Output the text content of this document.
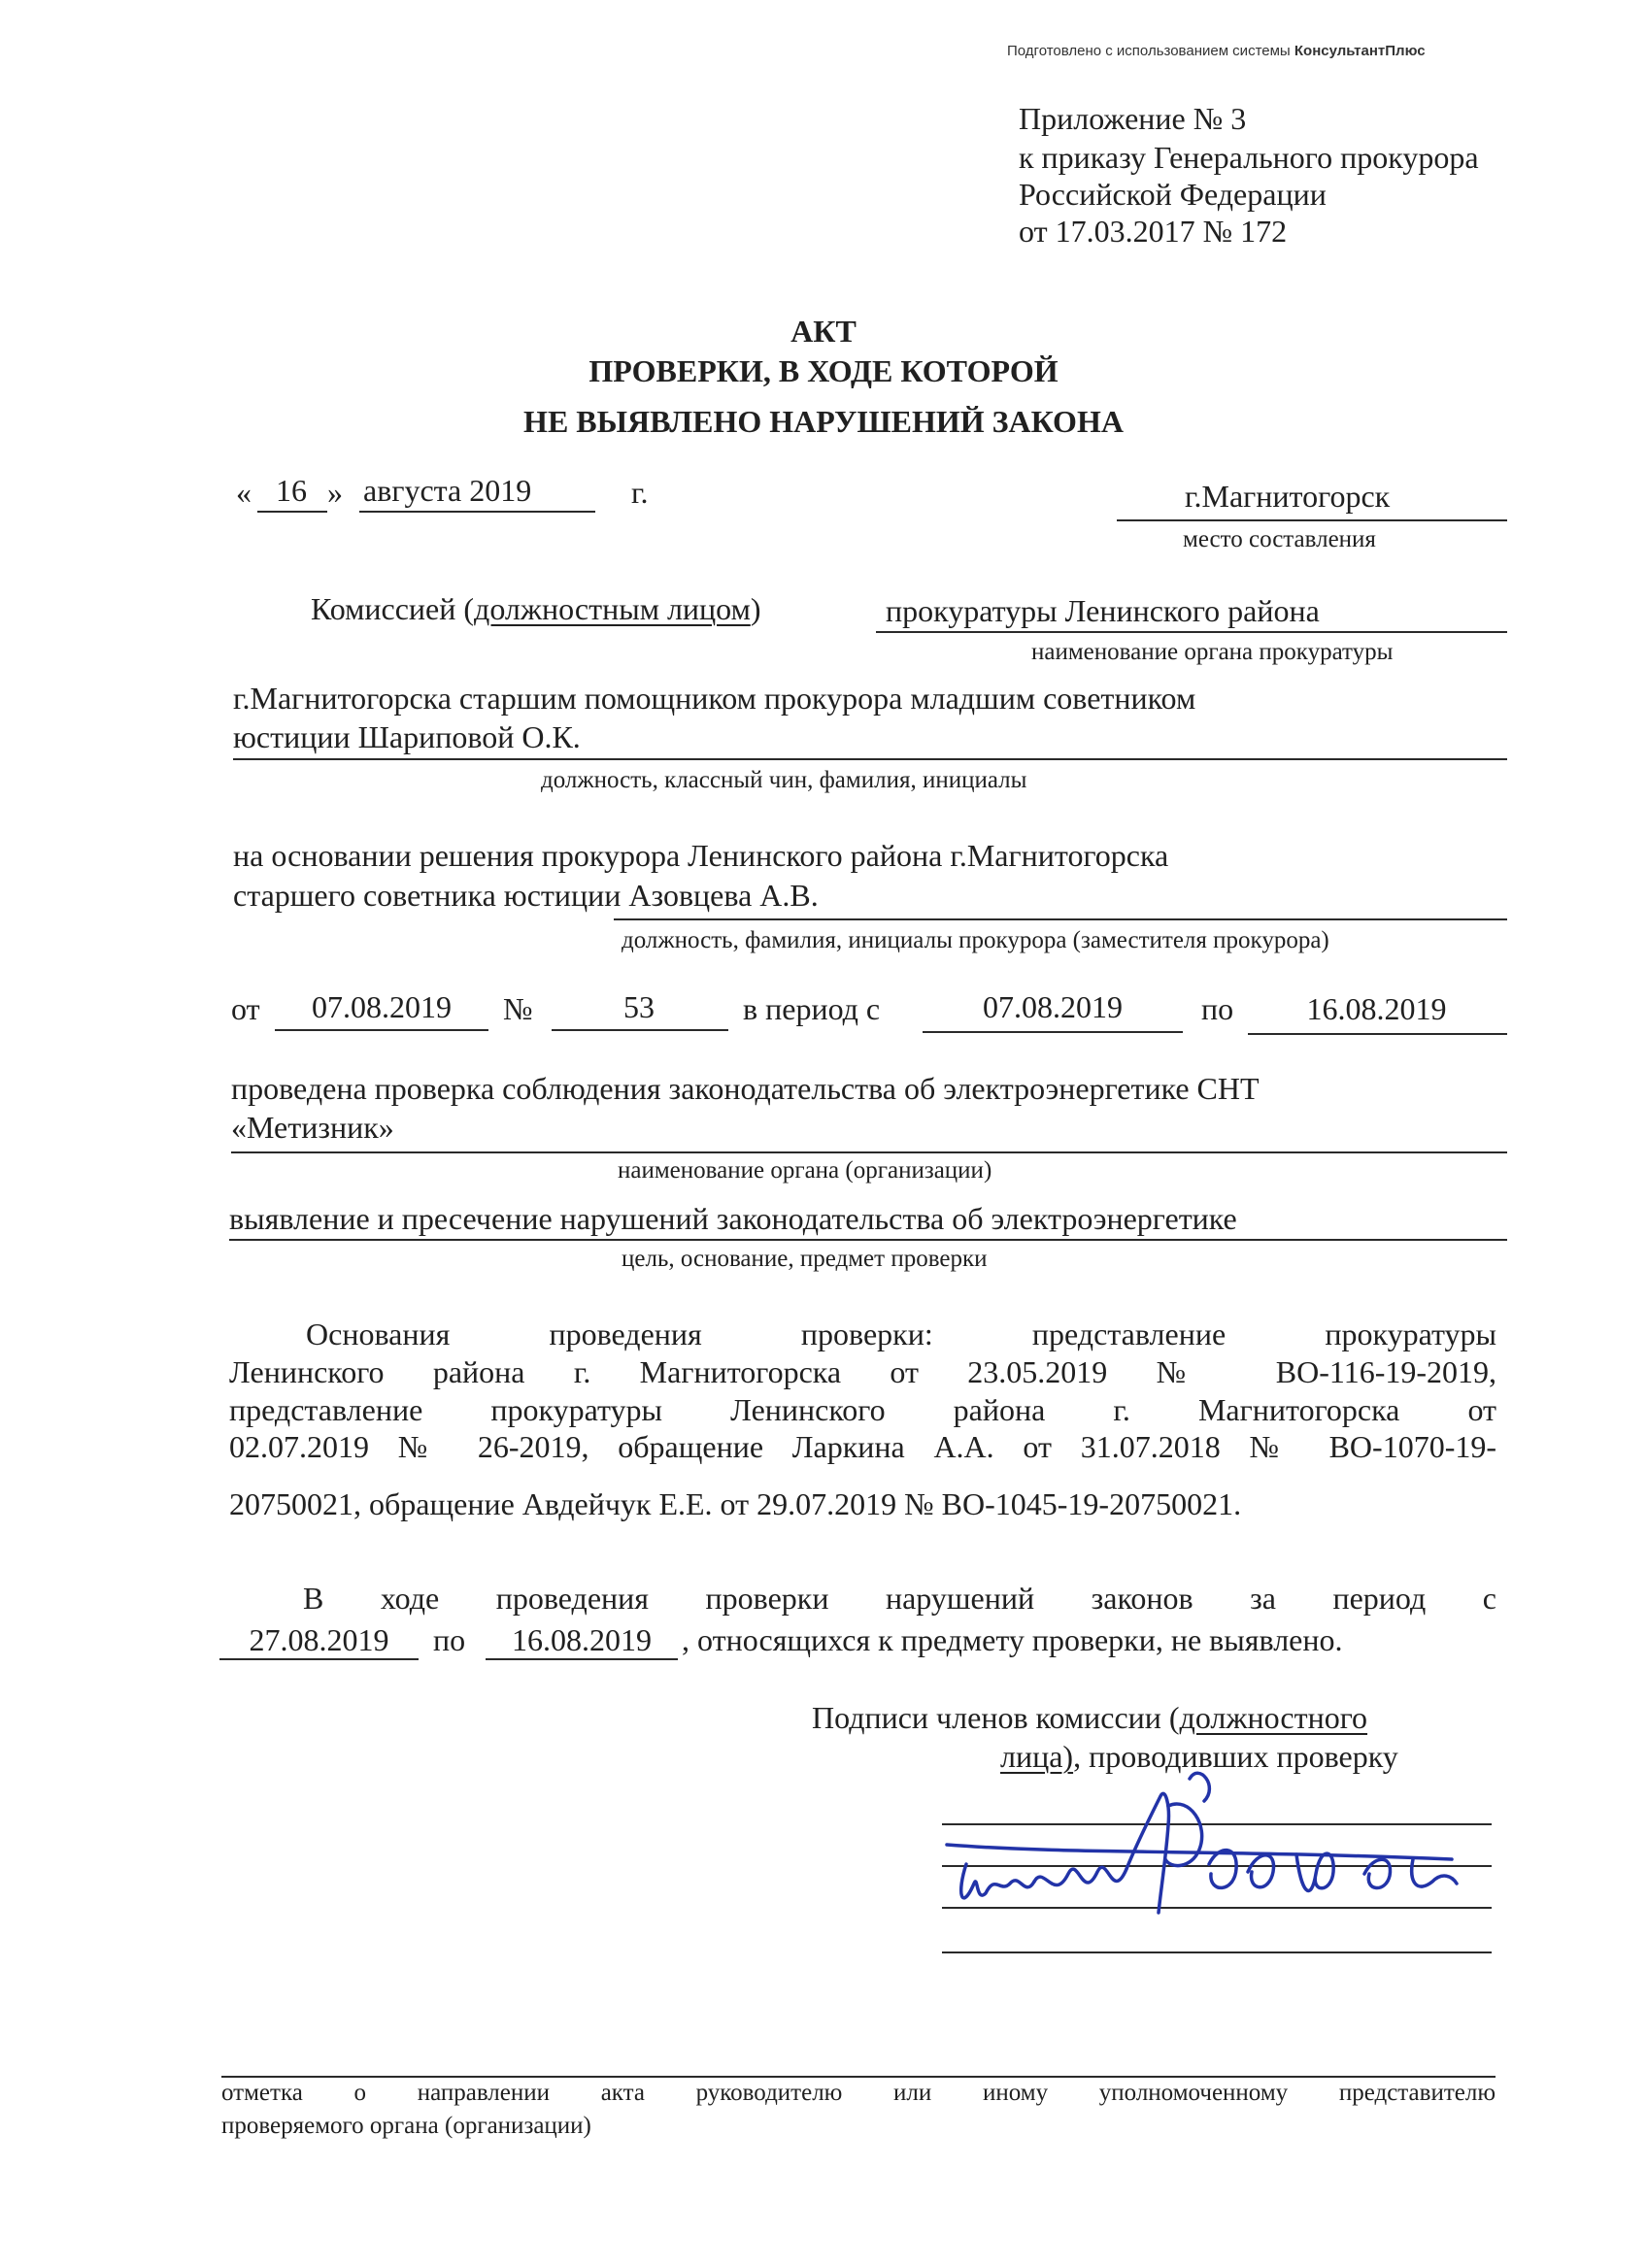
Подготовлено с использованием системы КонсультантПлюс
Приложение № 3
к приказу Генерального прокурора
Российской Федерации
от 17.03.2017 № 172
АКТ
ПРОВЕРКИ, В ХОДЕ КОТОРОЙ
НЕ ВЫЯВЛЕНО НАРУШЕНИЙ ЗАКОНА
« 16 » августа 2019	г.	г.Магнитогорск
место составления
Комиссией (должностным лицом)	прокуратуры Ленинского района
наименование органа прокуратуры
г.Магнитогорска старшим помощником прокурора младшим советником
юстиции Шариповой О.К.
должность, классный чин, фамилия, инициалы
на основании решения прокурора Ленинского района г.Магнитогорска
старшего советника юстиции Азовцева А.В.
должность, фамилия, инициалы прокурора (заместителя прокурора)
от	07.08.2019	№	53	в период с	07.08.2019	по	16.08.2019
проведена проверка соблюдения законодательства об электроэнергетике СНТ
«Метизник»
наименование органа (организации)
выявление и пресечение нарушений законодательства об электроэнергетике
цель, основание, предмет проверки
Основания проведения проверки: представление прокуратуры
Ленинского района г. Магнитогорска от 23.05.2019 № ВО-116-19-2019,
представление прокуратуры Ленинского района г. Магнитогорска от
02.07.2019 № 26-2019, обращение Ларкина А.А. от 31.07.2018 № ВО-1070-19-
20750021, обращение Авдейчук Е.Е. от 29.07.2019 № ВО-1045-19-20750021.
В ходе проведения проверки нарушений законов за период с
27.08.2019	по	16.08.2019 , относящихся к предмету проверки, не выявлено.
Подписи членов комиссии (должностного
лица), проводивших проверку
отметка о направлении акта руководителю или иному уполномоченному представителю
проверяемого органа (организации)
